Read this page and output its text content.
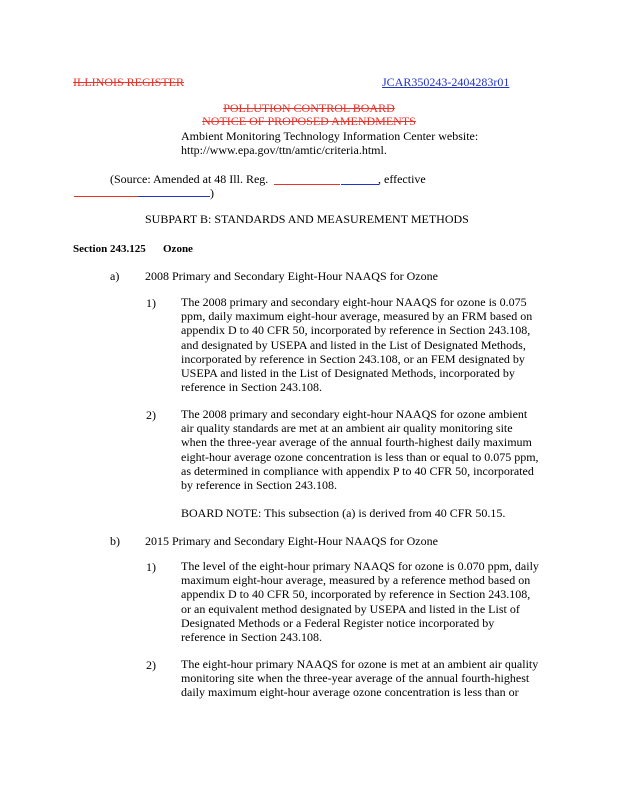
ILLINOIS REGISTER	JCAR350243-2404283r01
POLLUTION CONTROL BOARD
NOTICE OF PROPOSED AMENDMENTS
Ambient Monitoring Technology Information Center website:
http://www.epa.gov/ttn/amtic/criteria.html.
(Source: Amended at 48 Ill. Reg.	, effective
)
SUBPART B: STANDARDS AND MEASUREMENT METHODS
Section 243.125 Ozone
a) 2008 Primary and Secondary Eight-Hour NAAQS for Ozone
1) The 2008 primary and secondary eight-hour NAAQS for ozone is 0.075
ppm, daily maximum eight-hour average, measured by an FRM based on
appendix D to 40 CFR 50, incorporated by reference in Section 243.108,
and designated by USEPA and listed in the List of Designated Methods,
incorporated by reference in Section 243.108, or an FEM designated by
USEPA and listed in the List of Designated Methods, incorporated by
reference in Section 243.108.
2) The 2008 primary and secondary eight-hour NAAQS for ozone ambient
air quality standards are met at an ambient air quality monitoring site
when the three-year average of the annual fourth-highest daily maximum
eight-hour average ozone concentration is less than or equal to 0.075 ppm,
as determined in compliance with appendix P to 40 CFR 50, incorporated
by reference in Section 243.108.
BOARD NOTE: This subsection (a) is derived from 40 CFR 50.15.
b) 2015 Primary and Secondary Eight-Hour NAAQS for Ozone
1) The level of the eight-hour primary NAAQS for ozone is 0.070 ppm, daily
maximum eight-hour average, measured by a reference method based on
appendix D to 40 CFR 50, incorporated by reference in Section 243.108,
or an equivalent method designated by USEPA and listed in the List of
Designated Methods or a Federal Register notice incorporated by
reference in Section 243.108.
2) The eight-hour primary NAAQS for ozone is met at an ambient air quality
monitoring site when the three-year average of the annual fourth-highest
daily maximum eight-hour average ozone concentration is less than or
